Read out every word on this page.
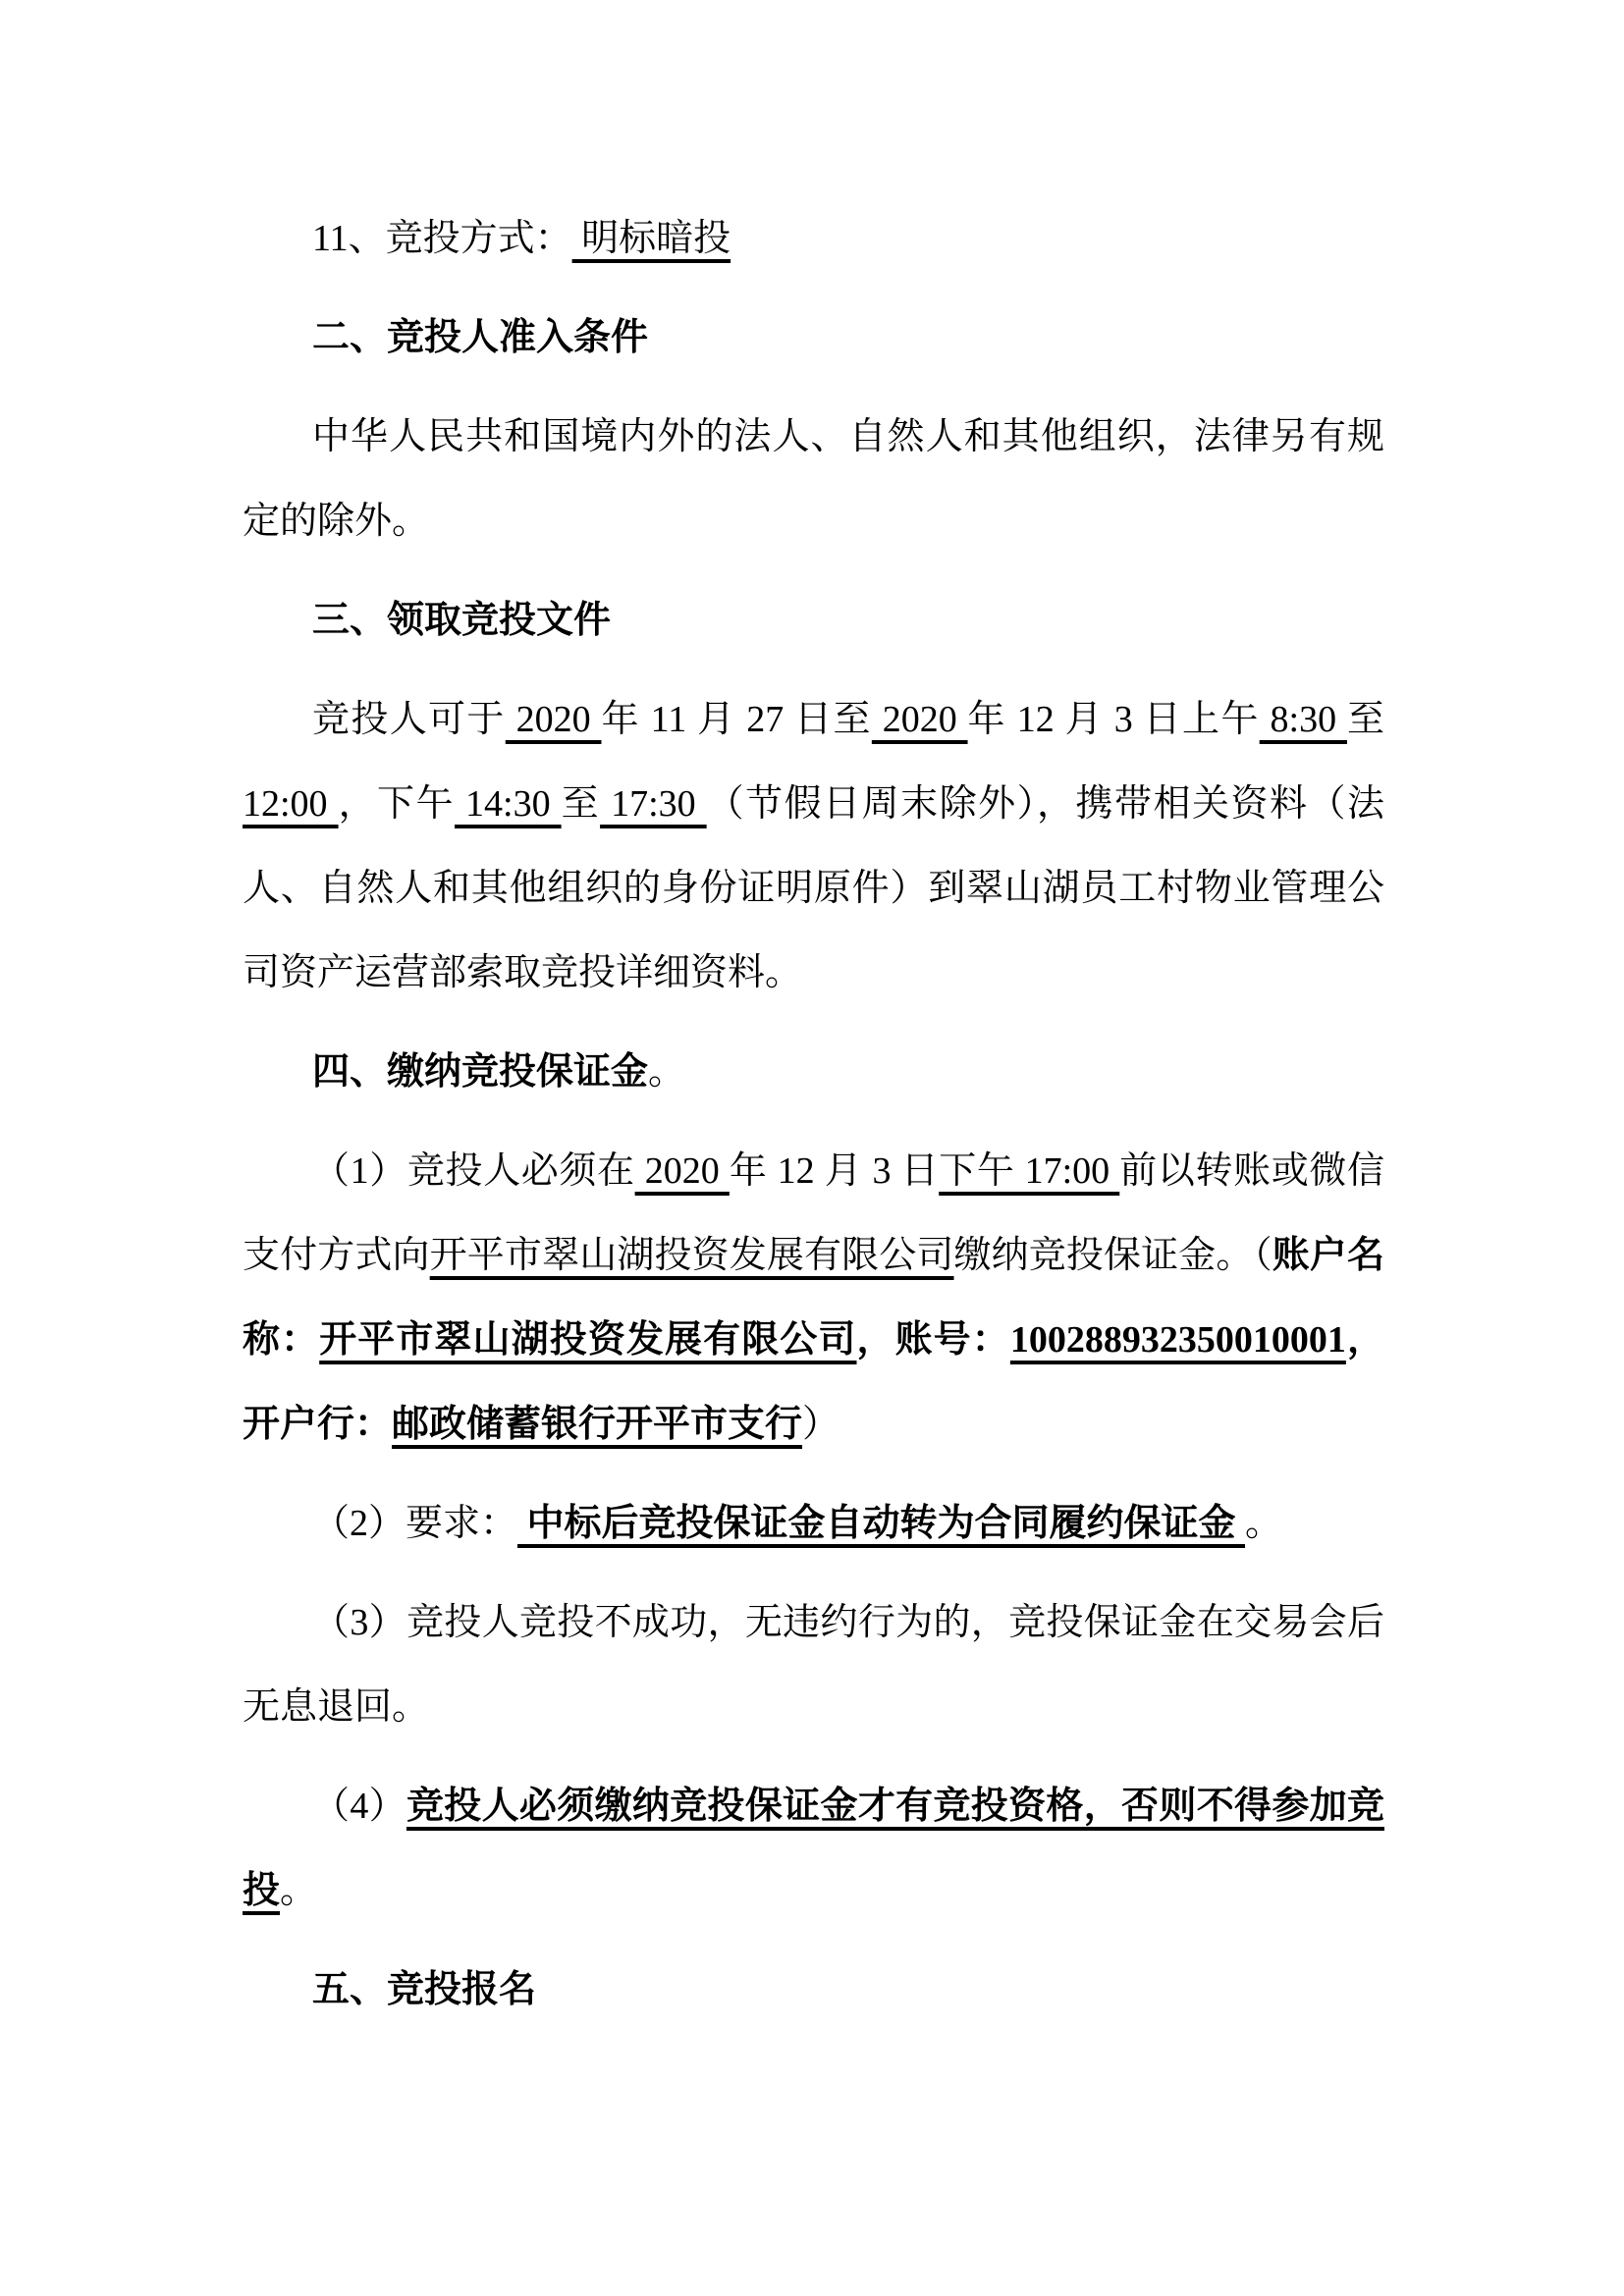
11、竞投方式： 明标暗投

二、竞投人准入条件

中华人民共和国境内外的法人、自然人和其他组织，法律另有规定的除外。

三、领取竞投文件

竞投人可于 2020 年 11 月 27 日至 2020 年 12 月 3 日上午 8:30 至 12:00 ，下午 14:30 至 17:30 （节假日周末除外），携带相关资料（法人、自然人和其他组织的身份证明原件）到翠山湖员工村物业管理公司资产运营部索取竞投详细资料。

四、缴纳竞投保证金。

（1）竞投人必须在 2020 年 12 月 3 日下午 17:00 前以转账或微信支付方式向开平市翠山湖投资发展有限公司缴纳竞投保证金。（账户名称：开平市翠山湖投资发展有限公司，账号：100288932350010001，开户行：邮政储蓄银行开平市支行）

（2）要求： 中标后竞投保证金自动转为合同履约保证金 。

（3）竞投人竞投不成功，无违约行为的，竞投保证金在交易会后无息退回。

（4）竞投人必须缴纳竞投保证金才有竞投资格，否则不得参加竞投。

五、竞投报名
